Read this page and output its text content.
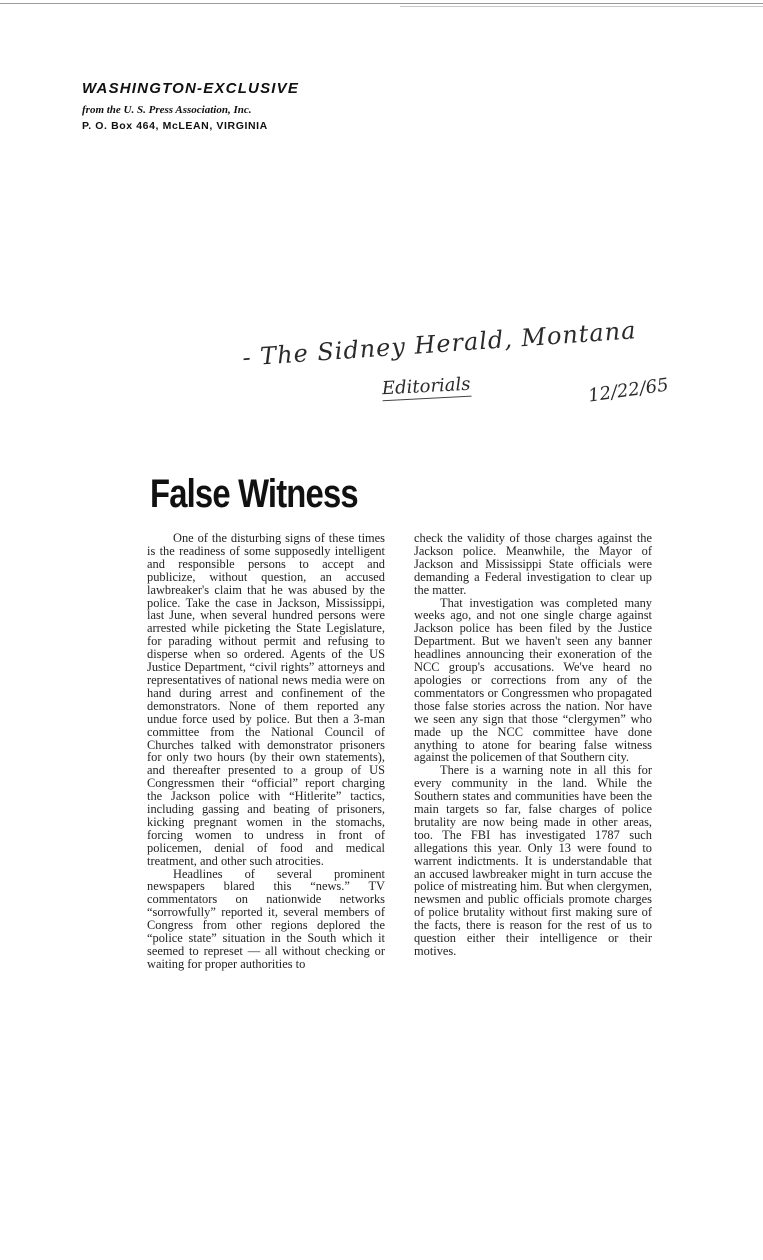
WASHINGTON-EXCLUSIVE
from the U. S. Press Association, Inc.
P. O. Box 464, McLEAN, VIRGINIA
- The Sidney Herald, Montana
Editorials	12/22/65
False Witness

One of the disturbing signs of these times is the readiness of some supposedly intelligent and responsible persons to accept and publicize, without question, an accused lawbreaker's claim that he was abused by the police. Take the case in Jackson, Mississippi, last June, when several hundred persons were arrested while picketing the State Legislature, for parading without permit and refusing to disperse when so ordered. Agents of the US Justice Department, “civil rights” attorneys and representatives of national news media were on hand during arrest and confinement of the demonstrators. None of them reported any undue force used by police. But then a 3-man committee from the National Council of Churches talked with demonstrator prisoners for only two hours (by their own statements), and thereafter presented to a group of US Congressmen their “official” report charging the Jackson police with “Hitlerite” tactics, including gassing and beating of prisoners, kicking pregnant women in the stomachs, forcing women to undress in front of policemen, denial of food and medical treatment, and other such atrocities.

Headlines of several prominent newspapers blared this “news.” TV commentators on nationwide networks “sorrowfully” reported it, several members of Congress from other regions deplored the “police state” situation in the South which it seemed to represet — all without checking or waiting for proper authorities to

check the validity of those charges against the Jackson police. Meanwhile, the Mayor of Jackson and Mississippi State officials were demanding a Federal investigation to clear up the matter.

That investigation was completed many weeks ago, and not one single charge against Jackson police has been filed by the Justice Department. But we haven't seen any banner headlines announcing their exoneration of the NCC group's accusations. We've heard no apologies or corrections from any of the commentators or Congressmen who propagated those false stories across the nation. Nor have we seen any sign that those “clergymen” who made up the NCC committee have done anything to atone for bearing false witness against the policemen of that Southern city.

There is a warning note in all this for every community in the land. While the Southern states and communities have been the main targets so far, false charges of police brutality are now being made in other areas, too. The FBI has investigated 1787 such allegations this year. Only 13 were found to warrent indictments. It is understandable that an accused lawbreaker might in turn accuse the police of mistreating him. But when clergymen, newsmen and public officials promote charges of police brutality without first making sure of the facts, there is reason for the rest of us to question either their intelligence or their motives.
